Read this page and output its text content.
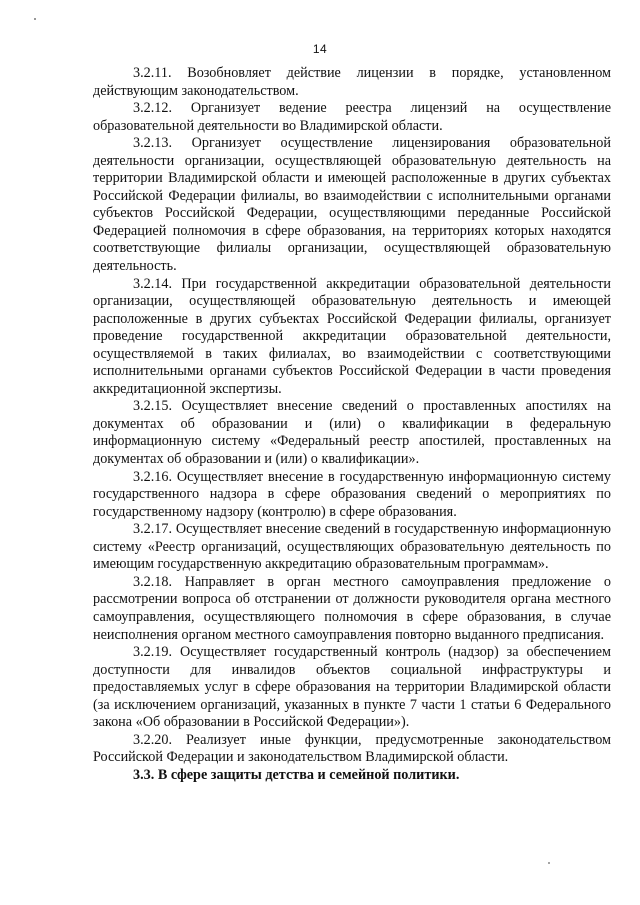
14

3.2.11. Возобновляет действие лицензии в порядке, установленном действующим законодательством.

3.2.12. Организует ведение реестра лицензий на осуществление образовательной деятельности во Владимирской области.

3.2.13. Организует осуществление лицензирования образовательной деятельности организации, осуществляющей образовательную деятельность на территории Владимирской области и имеющей расположенные в других субъектах Российской Федерации филиалы, во взаимодействии с исполнительными органами субъектов Российской Федерации, осуществляющими переданные Российской Федерацией полномочия в сфере образования, на территориях которых находятся соответствующие филиалы организации, осуществляющей образовательную деятельность.

3.2.14. При государственной аккредитации образовательной деятельности организации, осуществляющей образовательную деятельность и имеющей расположенные в других субъектах Российской Федерации филиалы, организует проведение государственной аккредитации образовательной деятельности, осуществляемой в таких филиалах, во взаимодействии с соответствующими исполнительными органами субъектов Российской Федерации в части проведения аккредитационной экспертизы.

3.2.15. Осуществляет внесение сведений о проставленных апостилях на документах об образовании и (или) о квалификации в федеральную информационную систему «Федеральный реестр апостилей, проставленных на документах об образовании и (или) о квалификации».

3.2.16. Осуществляет внесение в государственную информационную систему государственного надзора в сфере образования сведений о мероприятиях по государственному надзору (контролю) в сфере образования.

3.2.17. Осуществляет внесение сведений в государственную информационную систему «Реестр организаций, осуществляющих образовательную деятельность по имеющим государственную аккредитацию образовательным программам».

3.2.18. Направляет в орган местного самоуправления предложение о рассмотрении вопроса об отстранении от должности руководителя органа местного самоуправления, осуществляющего полномочия в сфере образования, в случае неисполнения органом местного самоуправления повторно выданного предписания.

3.2.19. Осуществляет государственный контроль (надзор) за обеспечением доступности для инвалидов объектов социальной инфраструктуры и предоставляемых услуг в сфере образования на территории Владимирской области (за исключением организаций, указанных в пункте 7 части 1 статьи 6 Федерального закона «Об образовании в Российской Федерации»).

3.2.20. Реализует иные функции, предусмотренные законодательством Российской Федерации и законодательством Владимирской области.

3.3. В сфере защиты детства и семейной политики.
